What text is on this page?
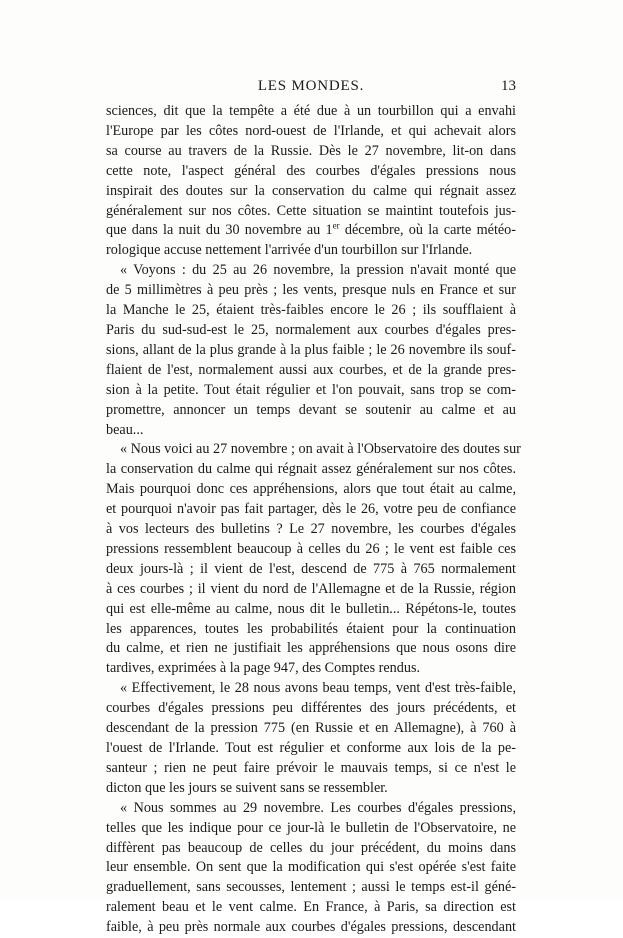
LES MONDES.	13
sciences, dit que la tempête a été due à un tourbillon qui a envahi
l'Europe par les côtes nord-ouest de l'Irlande, et qui achevait alors
sa course au travers de la Russie. Dès le 27 novembre, lit-on dans
cette note, l'aspect général des courbes d'égales pressions nous
inspirait des doutes sur la conservation du calme qui régnait assez
généralement sur nos côtes. Cette situation se maintint toutefois jus-
que dans la nuit du 30 novembre au 1er décembre, où la carte météo-
rologique accuse nettement l'arrivée d'un tourbillon sur l'Irlande.
« Voyons : du 25 au 26 novembre, la pression n'avait monté que
de 5 millimètres à peu près ; les vents, presque nuls en France et sur
la Manche le 25, étaient très-faibles encore le 26 ; ils soufflaient à
Paris du sud-sud-est le 25, normalement aux courbes d'égales pres-
sions, allant de la plus grande à la plus faible ; le 26 novembre ils souf-
flaient de l'est, normalement aussi aux courbes, et de la grande pres-
sion à la petite. Tout était régulier et l'on pouvait, sans trop se com-
promettre, annoncer un temps devant se soutenir au calme et au
beau...
« Nous voici au 27 novembre ; on avait à l'Observatoire des doutes sur
la conservation du calme qui régnait assez généralement sur nos côtes.
Mais pourquoi donc ces appréhensions, alors que tout était au calme,
et pourquoi n'avoir pas fait partager, dès le 26, votre peu de confiance
à vos lecteurs des bulletins ? Le 27 novembre, les courbes d'égales
pressions ressemblent beaucoup à celles du 26 ; le vent est faible ces
deux jours-là ; il vient de l'est, descend de 775 à 765 normalement
à ces courbes ; il vient du nord de l'Allemagne et de la Russie, région
qui est elle-même au calme, nous dit le bulletin... Répétons-le, toutes
les apparences, toutes les probabilités étaient pour la continuation
du calme, et rien ne justifiait les appréhensions que nous osons dire
tardives, exprimées à la page 947, des Comptes rendus.
« Effectivement, le 28 nous avons beau temps, vent d'est très-faible,
courbes d'égales pressions peu différentes des jours précédents, et
descendant de la pression 775 (en Russie et en Allemagne), à 760 à
l'ouest de l'Irlande. Tout est régulier et conforme aux lois de la pe-
santeur ; rien ne peut faire prévoir le mauvais temps, si ce n'est le
dicton que les jours se suivent sans se ressembler.
« Nous sommes au 29 novembre. Les courbes d'égales pressions,
telles que les indique pour ce jour-là le bulletin de l'Observatoire, ne
diffèrent pas beaucoup de celles du jour précédent, du moins dans
leur ensemble. On sent que la modification qui s'est opérée s'est faite
graduellement, sans secousses, lentement ; aussi le temps est-il géné-
ralement beau et le vent calme. En France, à Paris, sa direction est
faible, à peu près normale aux courbes d'égales pressions, descendant
